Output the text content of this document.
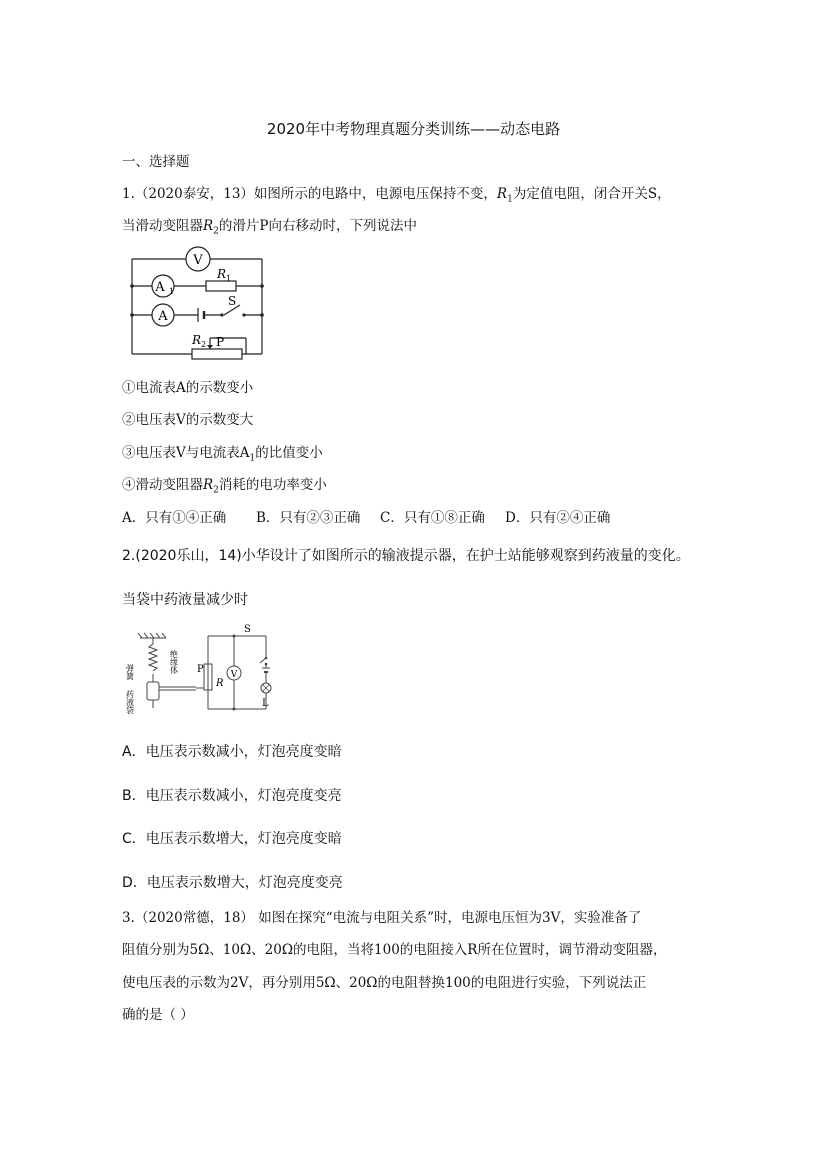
2020年中考物理真题分类训练——动态电路
一、选择题
1.（2020泰安，13）如图所示的电路中，电源电压保持不变，$R_1$为定值电阻，闭合开关S，
当滑动变阻器$R_2$的滑片P向右移动时，下列说法中
V
A 1
A
R 1
S
R 2 P
①电流表A的示数变小
②电压表V的示数变大
③电压表V与电流表$A_1$的比值变小
④滑动变阻器$R_2$消耗的电功率变小
A．只有①④正确 B．只有②③正确 C．只有①⑧正确 D．只有②④正确
2.(2020乐山，14)小华设计了如图所示的输液提示器，在护士站能够观察到药液量的变化。
当袋中药液量减少时
弹簧	绝缘体
药液袋
P
R
V
S
L
A．电压表示数减小，灯泡亮度变暗
B．电压表示数减小，灯泡亮度变亮
C．电压表示数增大，灯泡亮度变暗
D．电压表示数增大，灯泡亮度变亮
3.（2020常德，18） 如图在探究“电流与电阻关系”时，电源电压恒为3V，实验准备了
阻值分别为5Ω、10Ω、20Ω的电阻，当将100的电阻接入R所在位置时，调节滑动变阻器，
使电压表的示数为2V，再分别用5Ω、20Ω的电阻替换100的电阻进行实验，下列说法正
确的是（ ）
